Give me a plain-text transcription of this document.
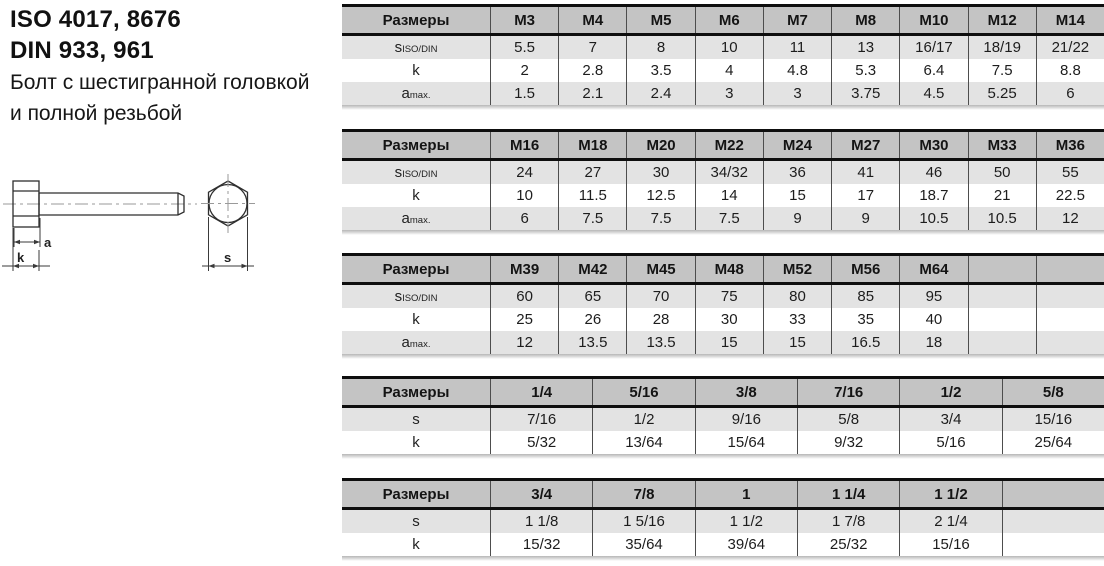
ISO 4017, 8676
DIN 933, 961
Болт с шестигранной головкой
и полной резьбой
a
k	s
Размеры	M3	M4	M5	M6	M7	M8	M10	M12	M14
$s_{ISO/DIN}$	5.5	7	8	10	11	13	16/17	18/19	21/22
k	2	2.8	3.5	4	4.8	5.3	6.4	7.5	8.8
$a_{max.}$	1.5	2.1	2.4	3	3	3.75	4.5	5.25	6
Размеры	M16	M18	M20	M22	M24	M27	M30	M33	M36
$s_{ISO/DIN}$	24	27	30	34/32	36	41	46	50	55
k	10	11.5	12.5	14	15	17	18.7	21	22.5
$a_{max.}$	6	7.5	7.5	7.5	9	9	10.5	10.5	12
Размеры	M39	M42	M45	M48	M52	M56	M64
$s_{ISO/DIN}$	60	65	70	75	80	85	95
k	25	26	28	30	33	35	40
$a_{max.}$	12	13.5	13.5	15	15	16.5	18
Размеры	1/4	5/16	3/8	7/16	1/2	5/8
s	7/16	1/2	9/16	5/8	3/4	15/16
k	5/32	13/64	15/64	9/32	5/16	25/64
Размеры	3/4	7/8	1	1 1/4	1 1/2
s	1 1/8	1 5/16	1 1/2	1 7/8	2 1/4
k	15/32	35/64	39/64	25/32	15/16
